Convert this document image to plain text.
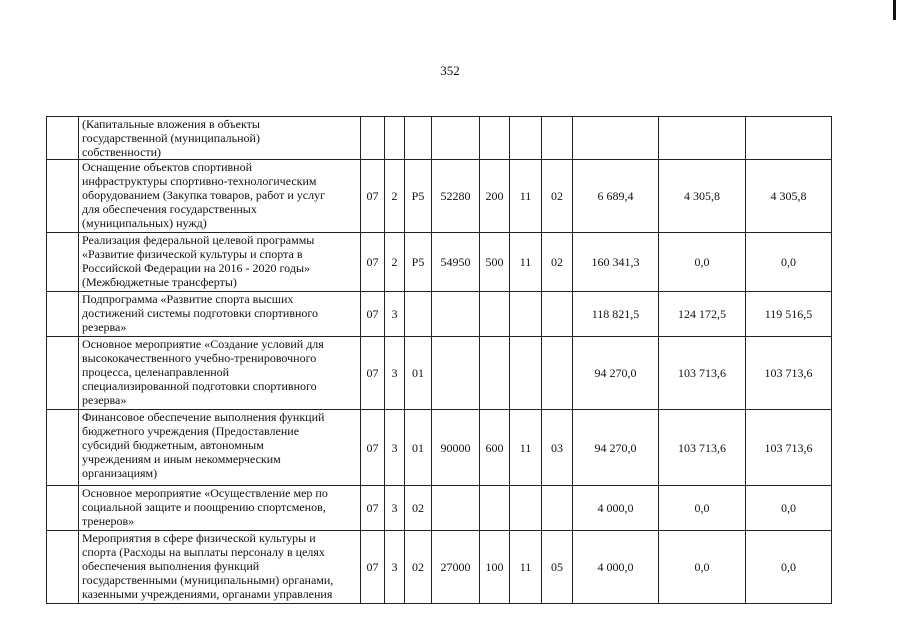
352

	(Капитальные вложения в объекты
государственной (муниципальной)
собственности)										

	Оснащение объектов спортивной
инфраструктуры спортивно-технологическим
оборудованием (Закупка товаров, работ и услуг
для обеспечения государственных
(муниципальных) нужд)	07	2	P5	52280	200	11	02	6 689,4	4 305,8	4 305,8

	Реализация федеральной целевой программы
«Развитие физической культуры и спорта в
Российской Федерации на 2016 - 2020 годы»
(Межбюджетные трансферты)	07	2	P5	54950	500	11	02	160 341,3	0,0	0,0

	Подпрограмма «Развитие спорта высших
достижений системы подготовки спортивного
резерва»	07	3						118 821,5	124 172,5	119 516,5

	Основное мероприятие «Создание условий для
высококачественного учебно-тренировочного
процесса, целенаправленной
специализированной подготовки спортивного
резерва»	07	3	01					94 270,0	103 713,6	103 713,6

	Финансовое обеспечение выполнения функций
бюджетного учреждения (Предоставление
субсидий бюджетным, автономным
учреждениям и иным некоммерческим
организациям)	07	3	01	90000	600	11	03	94 270,0	103 713,6	103 713,6

	Основное мероприятие «Осуществление мер по
социальной защите и поощрению спортсменов,
тренеров»	07	3	02					4 000,0	0,0	0,0

	Мероприятия в сфере физической культуры и
спорта (Расходы на выплаты персоналу в целях
обеспечения выполнения функций
государственными (муниципальными) органами,
казенными учреждениями, органами управления	07	3	02	27000	100	11	05	4 000,0	0,0	0,0
